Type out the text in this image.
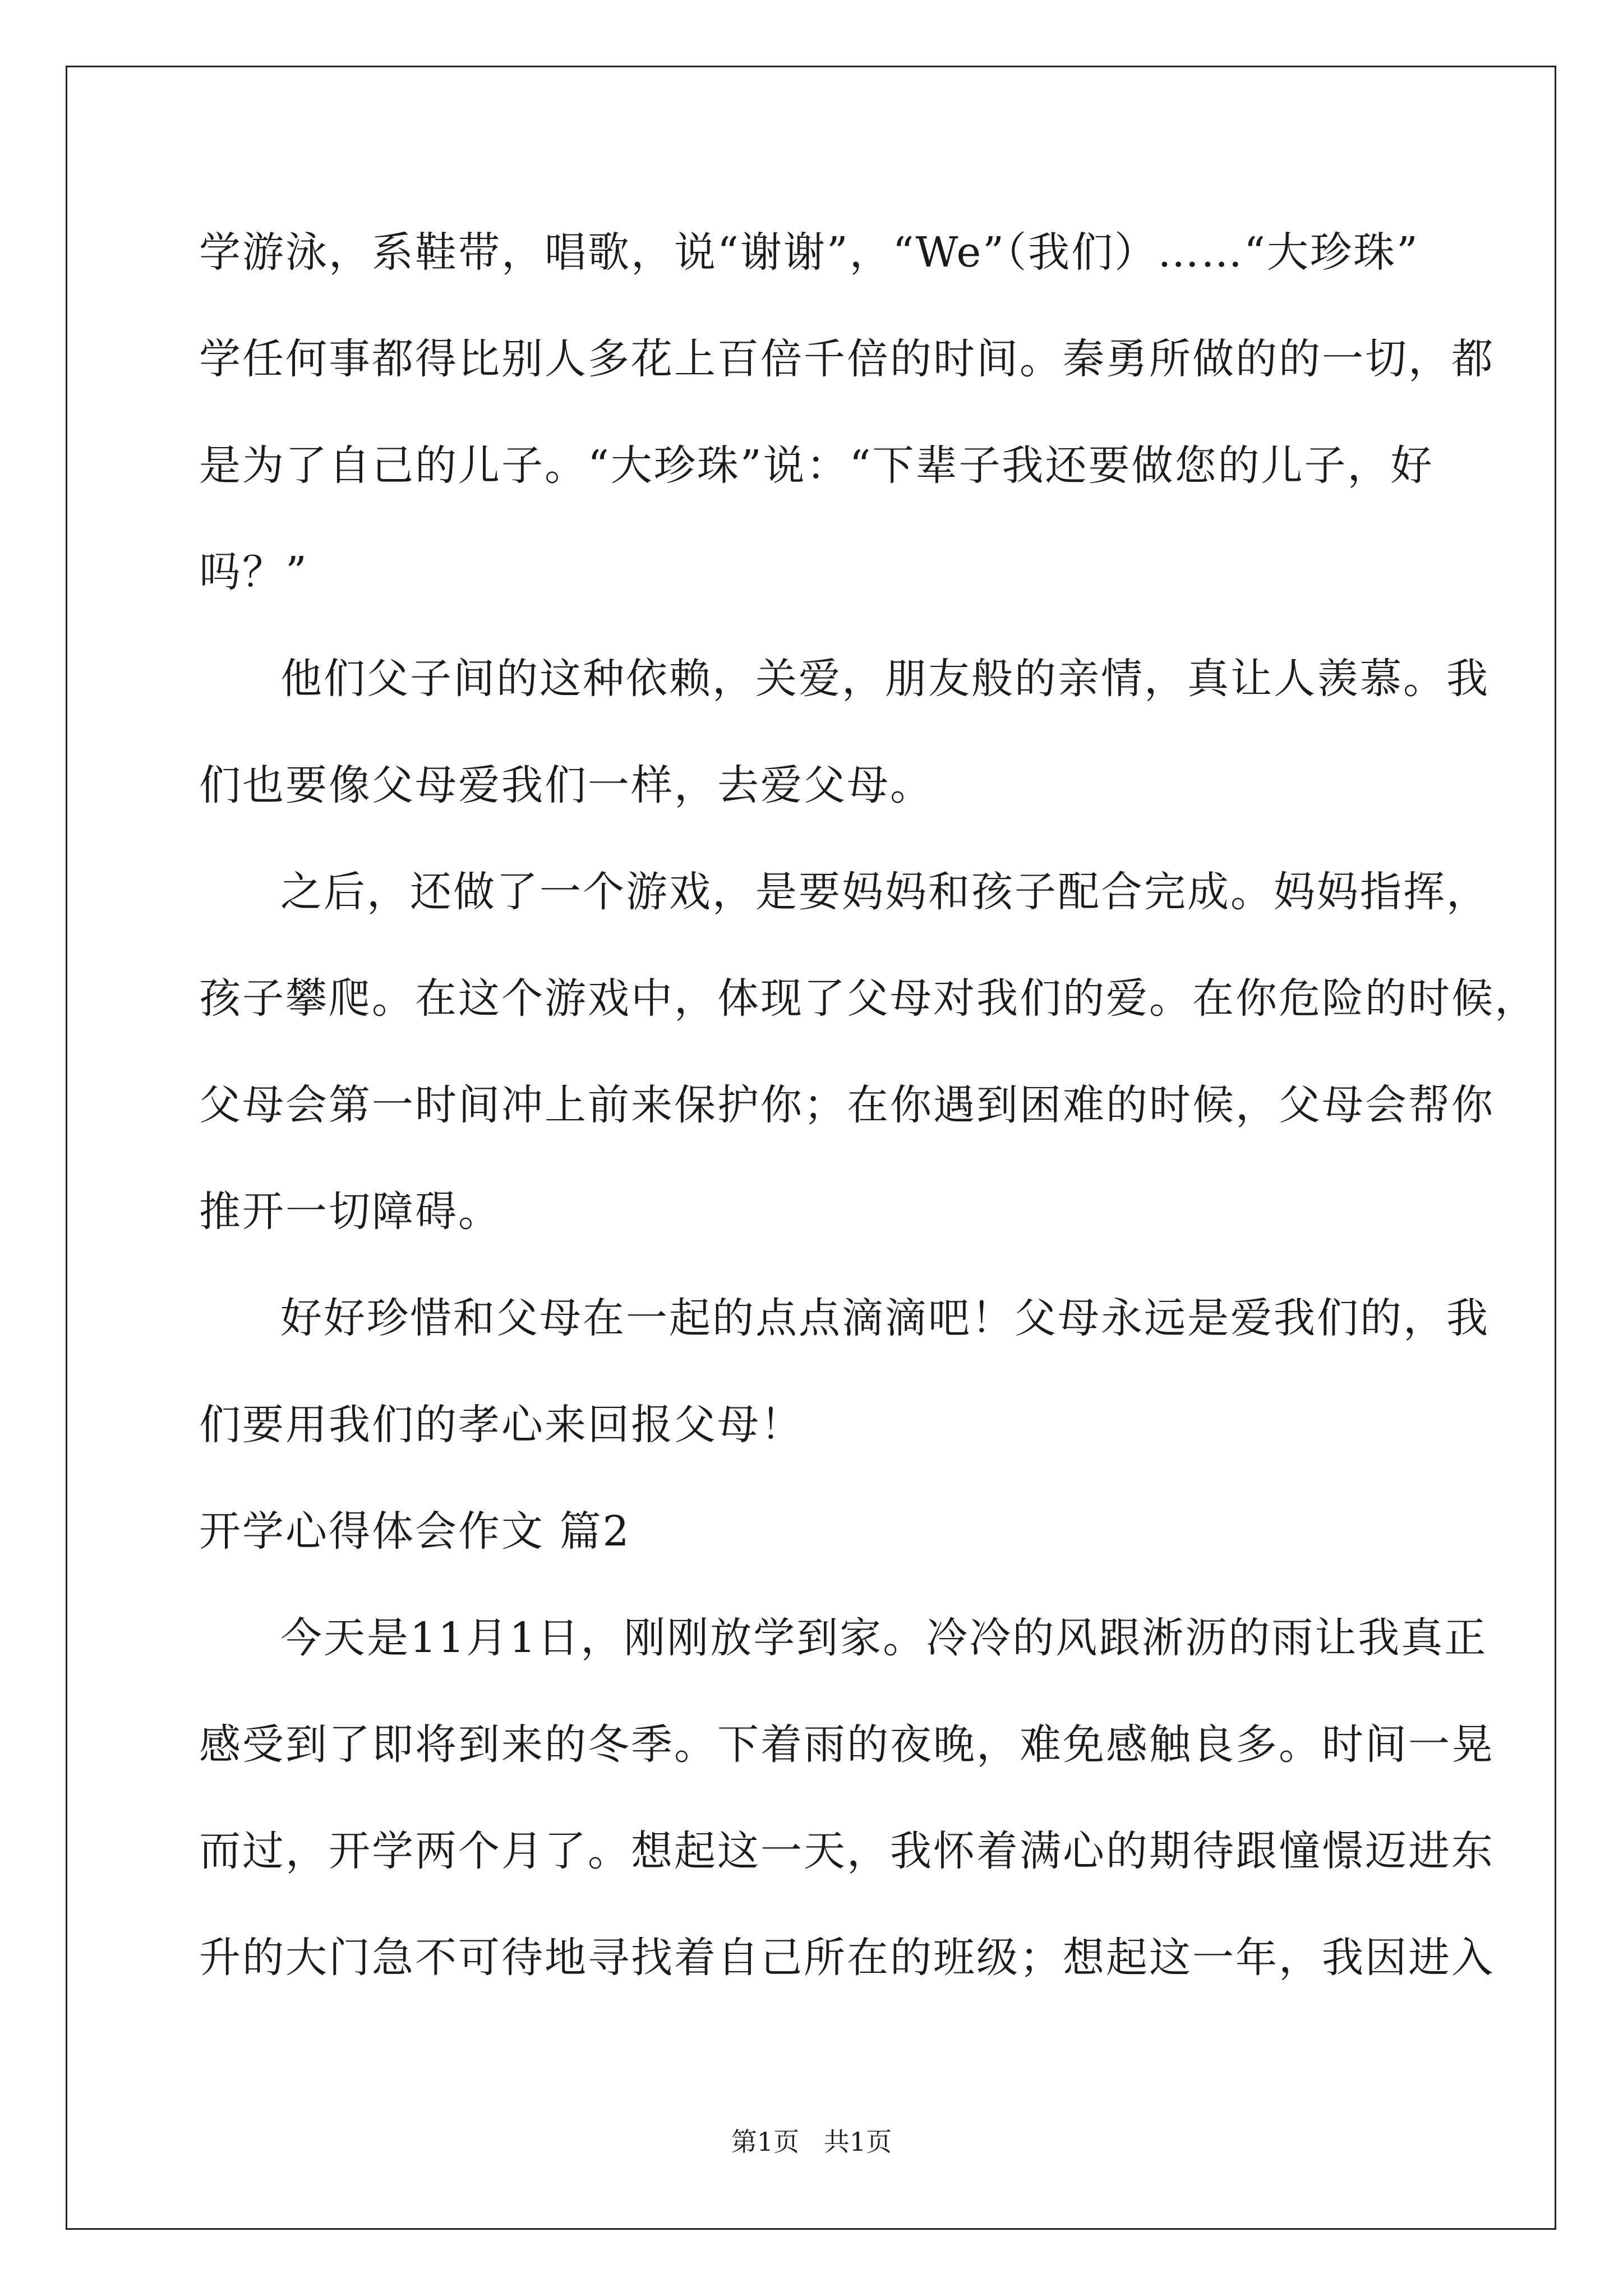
学游泳，系鞋带，唱歌，说“谢谢”，“We”（我们）……“大珍珠”
学任何事都得比别人多花上百倍千倍的时间。秦勇所做的的一切，都
是为了自己的儿子。“大珍珠”说：“下辈子我还要做您的儿子，好
吗？”
他们父子间的这种依赖，关爱，朋友般的亲情，真让人羡慕。我
们也要像父母爱我们一样，去爱父母。
之后，还做了一个游戏，是要妈妈和孩子配合完成。妈妈指挥，
孩子攀爬。在这个游戏中，体现了父母对我们的爱。在你危险的时候，
父母会第一时间冲上前来保护你；在你遇到困难的时候，父母会帮你
推开一切障碍。
好好珍惜和父母在一起的点点滴滴吧！父母永远是爱我们的，我
们要用我们的孝心来回报父母！
开学心得体会作文 篇2
今天是11月1日，刚刚放学到家。冷冷的风跟淅沥的雨让我真正
感受到了即将到来的冬季。下着雨的夜晚，难免感触良多。时间一晃
而过，开学两个月了。想起这一天，我怀着满心的期待跟憧憬迈进东
升的大门急不可待地寻找着自己所在的班级；想起这一年，我因进入
第1页   共1页
